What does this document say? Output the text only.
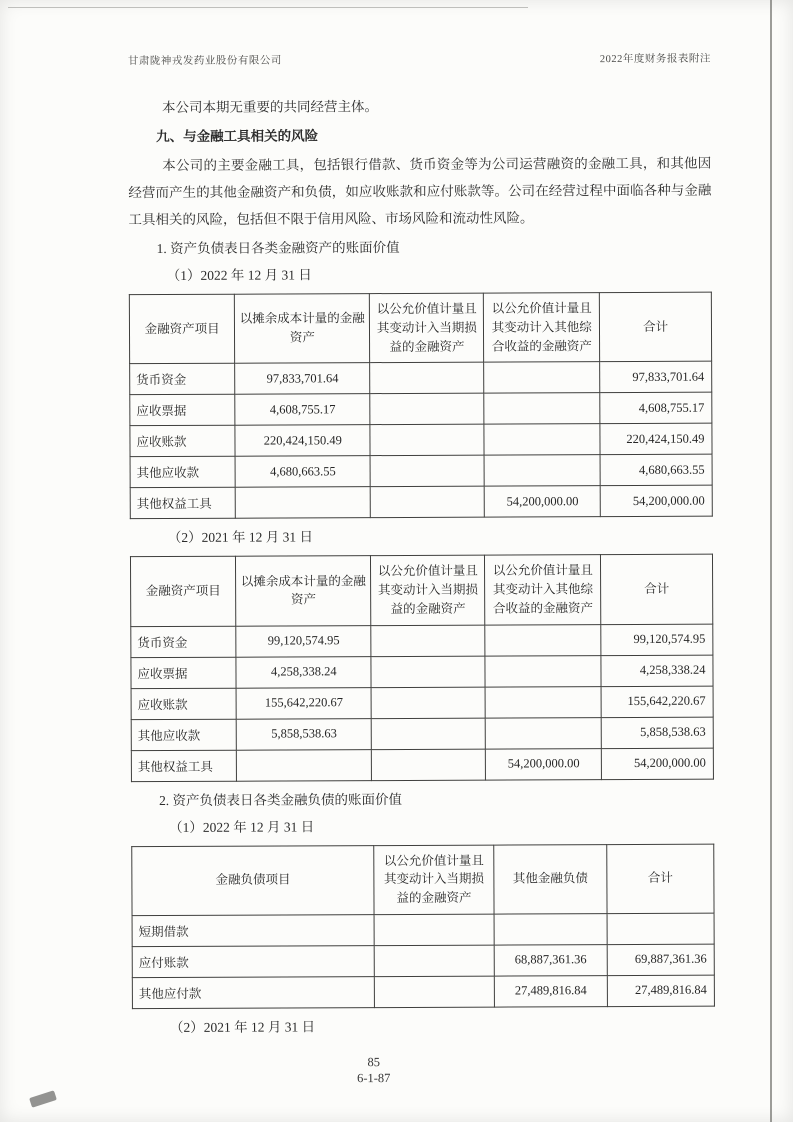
甘肃陇神戎发药业股份有限公司	2022年度财务报表附注

本公司本期无重要的共同经营主体。

九、与金融工具相关的风险

本公司的主要金融工具，包括银行借款、货币资金等为公司运营融资的金融工具，和其他因经营而产生的其他金融资产和负债，如应收账款和应付账款等。公司在经营过程中面临各种与金融工具相关的风险，包括但不限于信用风险、市场风险和流动性风险。

1. 资产负债表日各类金融资产的账面价值

（1）2022 年 12 月 31 日

金融资产项目	以摊余成本计量的金融资产	以公允价值计量且其变动计入当期损益的金融资产	以公允价值计量且其变动计入其他综合收益的金融资产	合计
货币资金	97,833,701.64			97,833,701.64
应收票据	4,608,755.17			4,608,755.17
应收账款	220,424,150.49			220,424,150.49
其他应收款	4,680,663.55			4,680,663.55
其他权益工具			54,200,000.00	54,200,000.00

（2）2021 年 12 月 31 日

金融资产项目	以摊余成本计量的金融资产	以公允价值计量且其变动计入当期损益的金融资产	以公允价值计量且其变动计入其他综合收益的金融资产	合计
货币资金	99,120,574.95			99,120,574.95
应收票据	4,258,338.24			4,258,338.24
应收账款	155,642,220.67			155,642,220.67
其他应收款	5,858,538.63			5,858,538.63
其他权益工具			54,200,000.00	54,200,000.00

2. 资产负债表日各类金融负债的账面价值

（1）2022 年 12 月 31 日

金融负债项目	以公允价值计量且其变动计入当期损益的金融资产	其他金融负债	合计
短期借款			
应付账款		68,887,361.36	69,887,361.36
其他应付款		27,489,816.84	27,489,816.84

（2）2021 年 12 月 31 日

85
6-1-87
